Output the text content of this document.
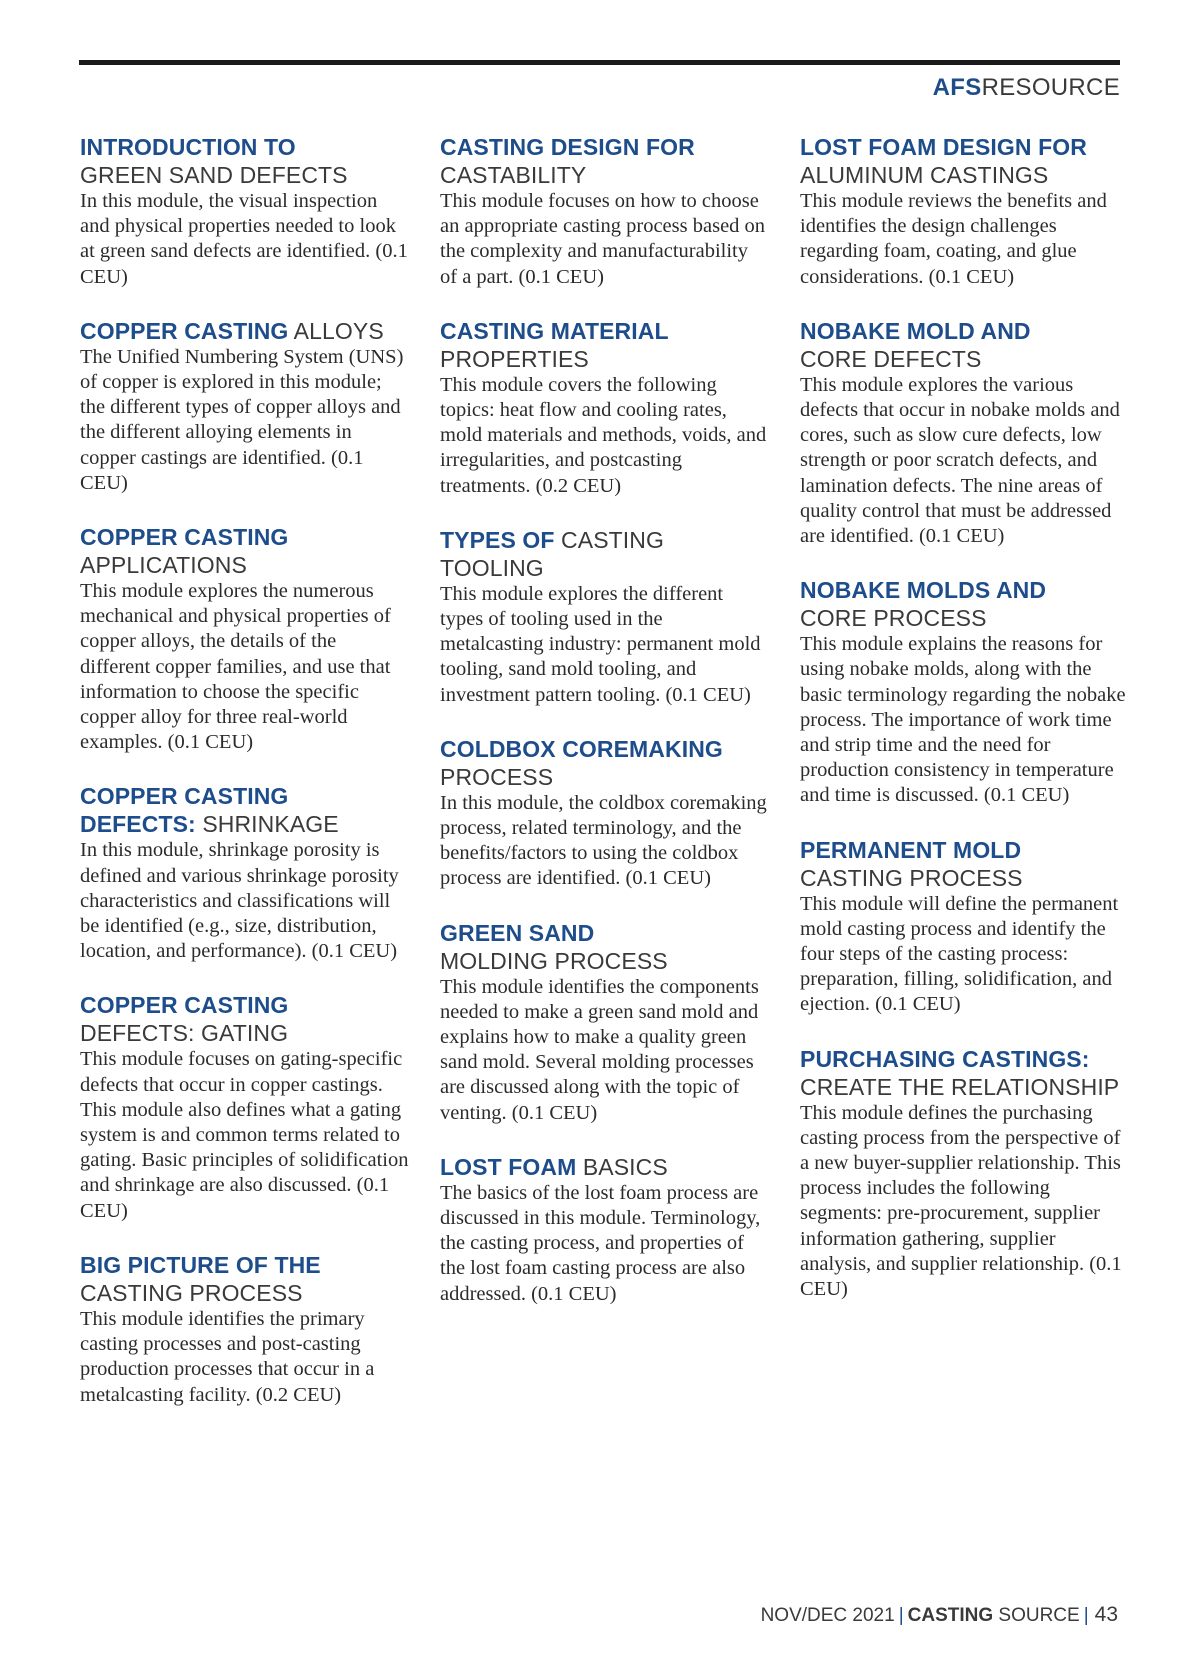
AFSRESOURCE
INTRODUCTION TO
GREEN SAND DEFECTS
In this module, the visual inspection and physical properties needed to look at green sand defects are identified. (0.1 CEU)
COPPER CASTING ALLOYS
The Unified Numbering System (UNS) of copper is explored in this module; the different types of copper alloys and the different alloying elements in copper castings are identified. (0.1 CEU)
COPPER CASTING
APPLICATIONS
This module explores the numerous mechanical and physical properties of copper alloys, the details of the different copper families, and use that information to choose the specific copper alloy for three real-world examples. (0.1 CEU)
COPPER CASTING DEFECTS: SHRINKAGE
In this module, shrinkage porosity is defined and various shrinkage porosity characteristics and classifications will be identified (e.g., size, distribution, location, and performance). (0.1 CEU)
COPPER CASTING
DEFECTS: GATING
This module focuses on gating-specific defects that occur in copper castings. This module also defines what a gating system is and common terms related to gating. Basic principles of solidification and shrinkage are also discussed. (0.1 CEU)
BIG PICTURE OF THE
CASTING PROCESS
This module identifies the primary casting processes and post-casting production processes that occur in a metalcasting facility. (0.2 CEU)
CASTING DESIGN FOR
CASTABILITY
This module focuses on how to choose an appropriate casting process based on the complexity and manufacturability of a part. (0.1 CEU)
CASTING MATERIAL
PROPERTIES
This module covers the following topics: heat flow and cooling rates, mold materials and methods, voids, and irregularities, and postcasting treatments. (0.2 CEU)
TYPES OF CASTING TOOLING
This module explores the different types of tooling used in the metalcasting industry: permanent mold tooling, sand mold tooling, and investment pattern tooling. (0.1 CEU)
COLDBOX COREMAKING
PROCESS
In this module, the coldbox coremaking process, related terminology, and the benefits/factors to using the coldbox process are identified. (0.1 CEU)
GREEN SAND
MOLDING PROCESS
This module identifies the components needed to make a green sand mold and explains how to make a quality green sand mold. Several molding processes are discussed along with the topic of venting. (0.1 CEU)
LOST FOAM BASICS
The basics of the lost foam process are discussed in this module. Terminology, the casting process, and properties of the lost foam casting process are also addressed. (0.1 CEU)
LOST FOAM DESIGN FOR
ALUMINUM CASTINGS
This module reviews the benefits and identifies the design challenges regarding foam, coating, and glue considerations. (0.1 CEU)
NOBAKE MOLD AND
CORE DEFECTS
This module explores the various defects that occur in nobake molds and cores, such as slow cure defects, low strength or poor scratch defects, and lamination defects. The nine areas of quality control that must be addressed are identified. (0.1 CEU)
NOBAKE MOLDS AND
CORE PROCESS
This module explains the reasons for using nobake molds, along with the basic terminology regarding the nobake process. The importance of work time and strip time and the need for production consistency in temperature and time is discussed. (0.1 CEU)
PERMANENT MOLD
CASTING PROCESS
This module will define the permanent mold casting process and identify the four steps of the casting process: preparation, filling, solidification, and ejection. (0.1 CEU)
PURCHASING CASTINGS:
CREATE THE RELATIONSHIP
This module defines the purchasing casting process from the perspective of a new buyer-supplier relationship. This process includes the following segments: pre-procurement, supplier information gathering, supplier analysis, and supplier relationship. (0.1 CEU)
NOV/DEC 2021 | CASTING SOURCE | 43
